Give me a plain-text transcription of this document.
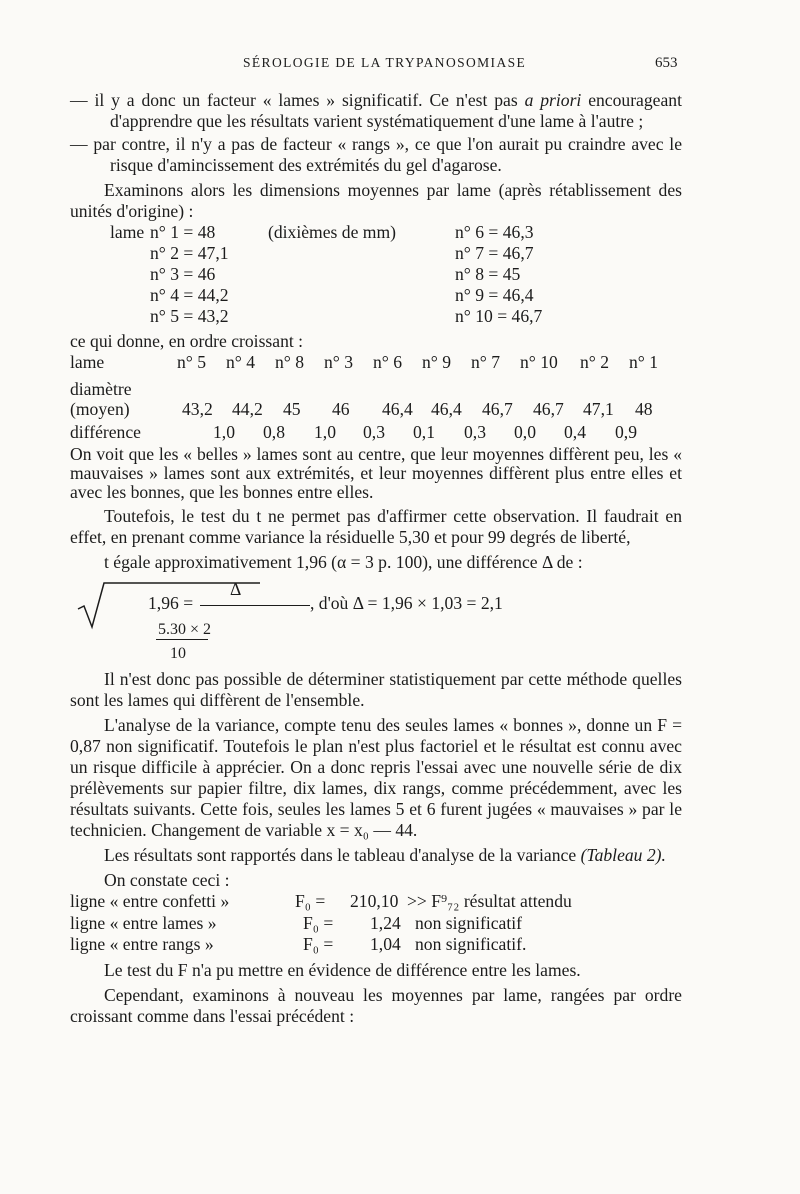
SÉROLOGIE DE LA TRYPANOSOMIASE	653

— il y a donc un facteur « lames » significatif. Ce n'est pas a priori encourageant d'apprendre que les résultats varient systématiquement d'une lame à l'autre ;

— par contre, il n'y a pas de facteur « rangs », ce que l'on aurait pu craindre avec le risque d'amincissement des extrémités du gel d'agarose.

Examinons alors les dimensions moyennes par lame (après rétablissement des unités d'origine) :

lame n° 1 = 48	(dixièmes de mm)	n° 6 = 46,3
n° 2 = 47,1	n° 7 = 46,7
n° 3 = 46	n° 8 = 45
n° 4 = 44,2	n° 9 = 46,4
n° 5 = 43,2	n° 10 = 46,7

ce qui donne, en ordre croissant :

lame	n° 5 n° 4 n° 8 n° 3 n° 6 n° 9 n° 7 n° 10 n° 2 n° 1
diamètre
(moyen)	43,2 44,2 45 46 46,4 46,4 46,7 46,7 47,1 48
différence	1,0 0,8 1,0 0,3 0,1 0,3 0,0 0,4 0,9

On voit que les « belles » lames sont au centre, que leur moyennes diffèrent peu, les « mauvaises » lames sont aux extrémités, et leur moyennes diffèrent plus entre elles et avec les bonnes, que les bonnes entre elles.

Toutefois, le test du t ne permet pas d'affirmer cette observation. Il faudrait en effet, en prenant comme variance la résiduelle 5,30 et pour 99 degrés de liberté,

t égale approximativement 1,96 (α = 3 p. 100), une différence Δ de :

Δ
1,96 =	, d'où Δ = 1,96 × 1,03 = 2,1
5.30 × 2
10

Il n'est donc pas possible de déterminer statistiquement par cette méthode quelles sont les lames qui diffèrent de l'ensemble.

L'analyse de la variance, compte tenu des seules lames « bonnes », donne un F = 0,87 non significatif. Toutefois le plan n'est plus factoriel et le résultat est connu avec un risque difficile à apprécier. On a donc repris l'essai avec une nouvelle série de dix prélèvements sur papier filtre, dix lames, dix rangs, comme précédemment, avec les résultats suivants. Cette fois, seules les lames 5 et 6 furent jugées « mauvaises » par le technicien. Changement de variable x = x₀ — 44.

Les résultats sont rapportés dans le tableau d'analyse de la variance (Tableau 2).

On constate ceci :

ligne « entre confetti »	F₀ = 210,10 >> F⁹₇₂ résultat attendu
ligne « entre lames »	F₀ = 1,24 non significatif
ligne « entre rangs »	F₀ = 1,04 non significatif.

Le test du F n'a pu mettre en évidence de différence entre les lames.

Cependant, examinons à nouveau les moyennes par lame, rangées par ordre croissant comme dans l'essai précédent :
